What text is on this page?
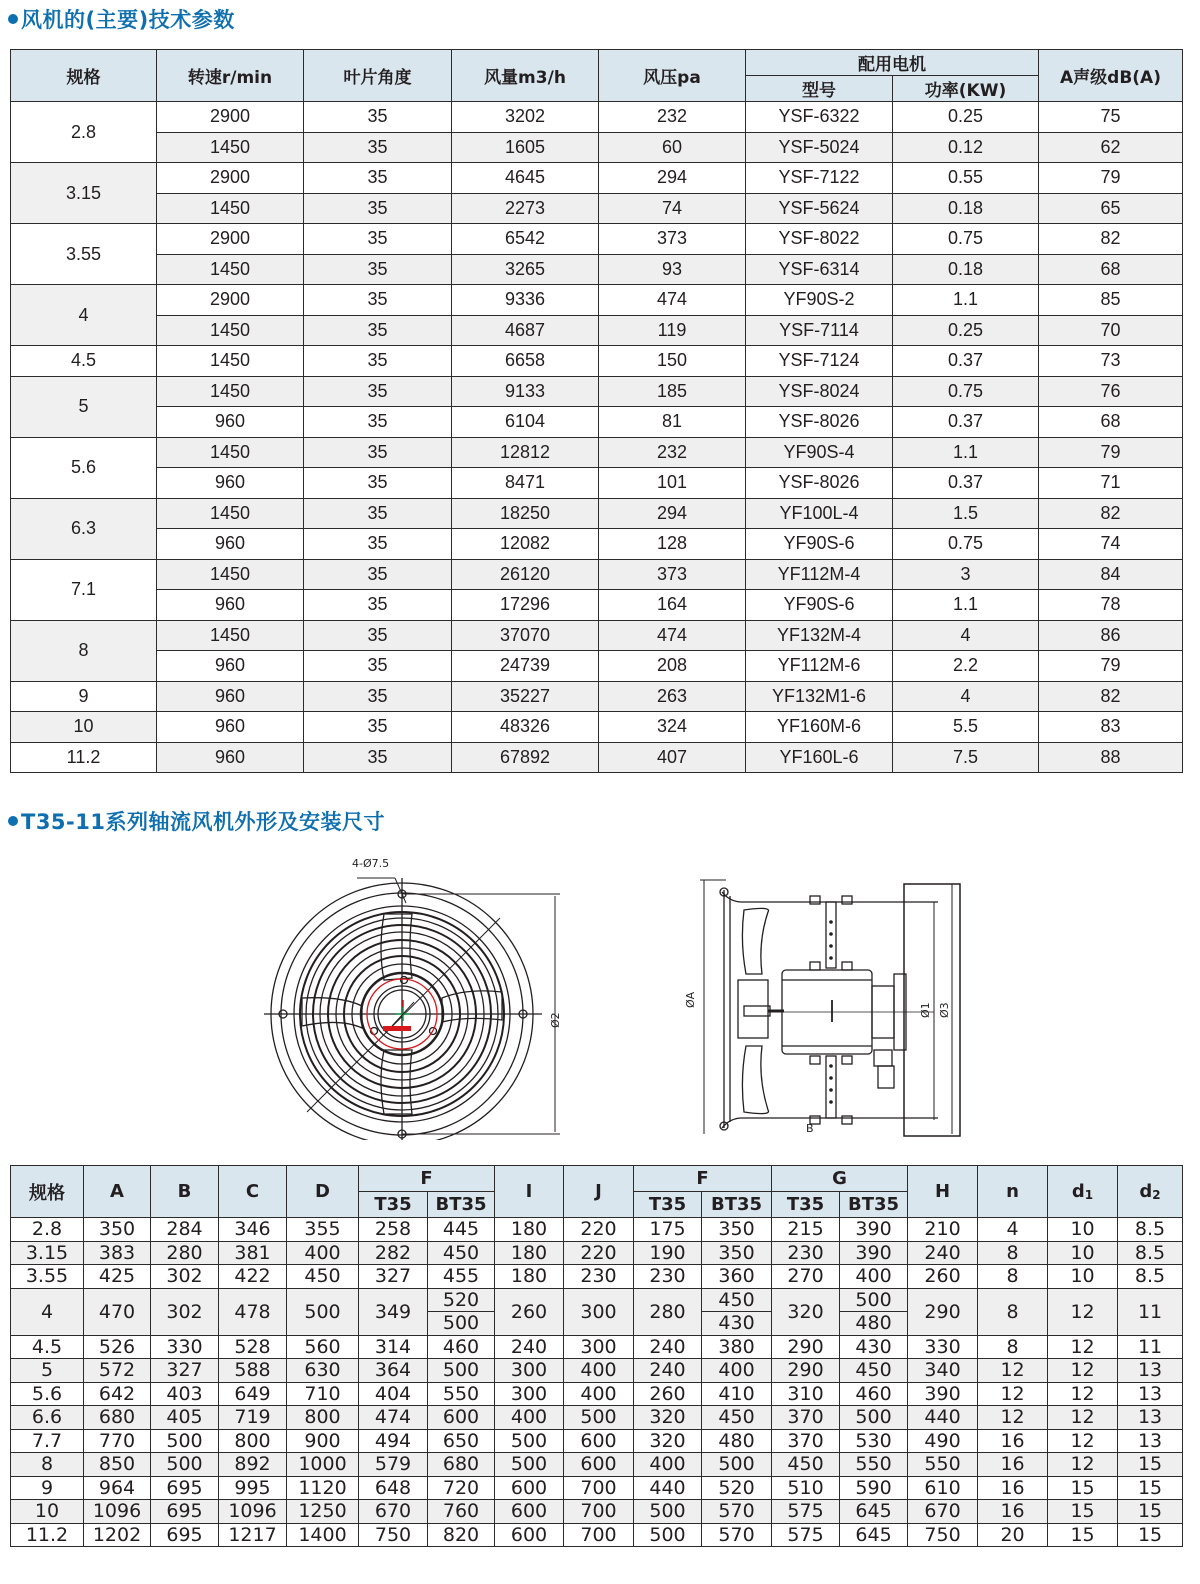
风机的(主要)技术参数
规格	转速r/min	叶片角度	风量m3/h	风压pa	配用电机		A声级dB(A)
					型号	功率(KW)	
2.8	2900	35	3202	232	YSF-6322	0.25	75
	1450	35	1605	60	YSF-5024	0.12	62
3.15	2900	35	4645	294	YSF-7122	0.55	79
	1450	35	2273	74	YSF-5624	0.18	65
3.55	2900	35	6542	373	YSF-8022	0.75	82
	1450	35	3265	93	YSF-6314	0.18	68
4	2900	35	9336	474	YF90S-2	1.1	85
	1450	35	4687	119	YSF-7114	0.25	70
4.5	1450	35	6658	150	YSF-7124	0.37	73
5	1450	35	9133	185	YSF-8024	0.75	76
	960	35	6104	81	YSF-8026	0.37	68
5.6	1450	35	12812	232	YF90S-4	1.1	79
	960	35	8471	101	YSF-8026	0.37	71
6.3	1450	35	18250	294	YF100L-4	1.5	82
	960	35	12082	128	YF90S-6	0.75	74
7.1	1450	35	26120	373	YF112M-4	3	84
	960	35	17296	164	YF90S-6	1.1	78
8	1450	35	37070	474	YF132M-4	4	86
	960	35	24739	208	YF112M-6	2.2	79
9	960	35	35227	263	YF132M1-6	4	82
10	960	35	48326	324	YF160M-6	5.5	83
11.2	960	35	67892	407	YF160L-6	7.5	88
T35-11系列轴流风机外形及安装尺寸
4-Ø7.5
Ø2
ØA
Ø1 Ø3
B
规格	A	B	C	D	F		I	J	F		G		H	n	d1	d2
					T35	BT35			T35	BT35	T35	BT35				
2.8	350	284	346	355	258	445	180	220	175	350	215	390	210	4	10	8.5
3.15	383	280	381	400	282	450	180	220	190	350	230	390	240	8	10	8.5
3.55	425	302	422	450	327	455	180	230	230	360	270	400	260	8	10	8.5
4	470	302	478	500	349	520	260	300	280	450	320	500	290	8	12	11
						500				430		480				
4.5	526	330	528	560	314	460	240	300	240	380	290	430	330	8	12	11
5	572	327	588	630	364	500	300	400	240	400	290	450	340	12	12	13
5.6	642	403	649	710	404	550	300	400	260	410	310	460	390	12	12	13
6.6	680	405	719	800	474	600	400	500	320	450	370	500	440	12	12	13
7.7	770	500	800	900	494	650	500	600	320	480	370	530	490	16	12	13
8	850	500	892	1000	579	680	500	600	400	500	450	550	550	16	12	15
9	964	695	995	1120	648	720	600	700	440	520	510	590	610	16	15	15
10	1096	695	1096	1250	670	760	600	700	500	570	575	645	670	16	15	15
11.2	1202	695	1217	1400	750	820	600	700	500	570	575	645	750	20	15	15
